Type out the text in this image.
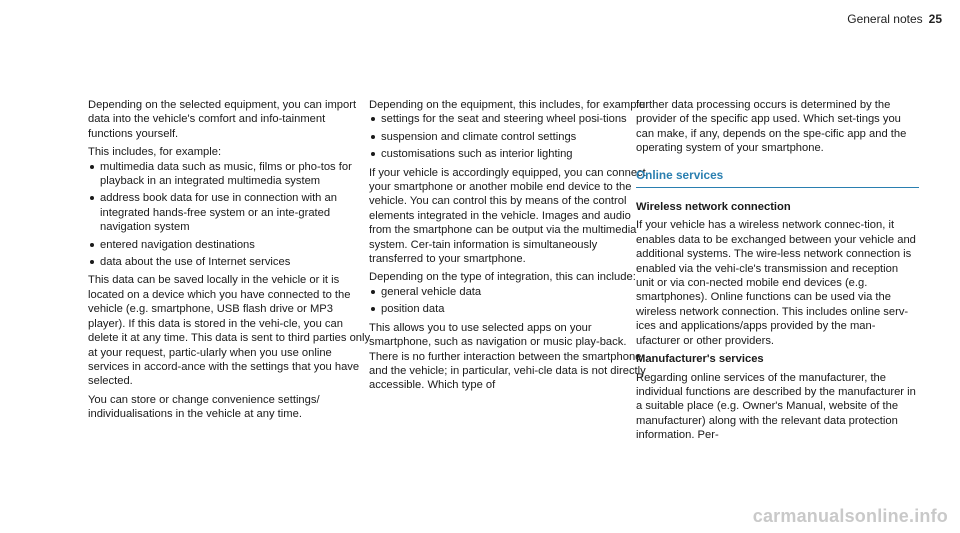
General notes 25

Depending on the selected equipment, you can import data into the vehicle's comfort and info-tainment functions yourself.

This includes, for example:

multimedia data such as music, films or pho-tos for playback in an integrated multimedia system
address book data for use in connection with an integrated hands-free system or an inte-grated navigation system
entered navigation destinations
data about the use of Internet services

This data can be saved locally in the vehicle or it is located on a device which you have connected to the vehicle (e.g. smartphone, USB flash drive or MP3 player). If this data is stored in the vehi-cle, you can delete it at any time. This data is sent to third parties only at your request, partic-ularly when you use online services in accord-ance with the settings that you have selected.

You can store or change convenience settings/ individualisations in the vehicle at any time.

Depending on the equipment, this includes, for example:

settings for the seat and steering wheel posi-tions
suspension and climate control settings
customisations such as interior lighting

If your vehicle is accordingly equipped, you can connect your smartphone or another mobile end device to the vehicle. You can control this by means of the control elements integrated in the vehicle. Images and audio from the smartphone can be output via the multimedia system. Cer-tain information is simultaneously transferred to your smartphone.

Depending on the type of integration, this can include:

general vehicle data
position data

This allows you to use selected apps on your smartphone, such as navigation or music play-back. There is no further interaction between the smartphone and the vehicle; in particular, vehi-cle data is not directly accessible. Which type of

further data processing occurs is determined by the provider of the specific app used. Which set-tings you can make, if any, depends on the spe-cific app and the operating system of your smartphone.

Online services

Wireless network connection

If your vehicle has a wireless network connec-tion, it enables data to be exchanged between your vehicle and additional systems. The wire-less network connection is enabled via the vehi-cle's transmission and reception unit or via con-nected mobile end devices (e.g. smartphones). Online functions can be used via the wireless network connection. This includes online serv-ices and applications/apps provided by the man-ufacturer or other providers.

Manufacturer's services

Regarding online services of the manufacturer, the individual functions are described by the manufacturer in a suitable place (e.g. Owner's Manual, website of the manufacturer) along with the relevant data protection information. Per-

carmanualsonline.info
